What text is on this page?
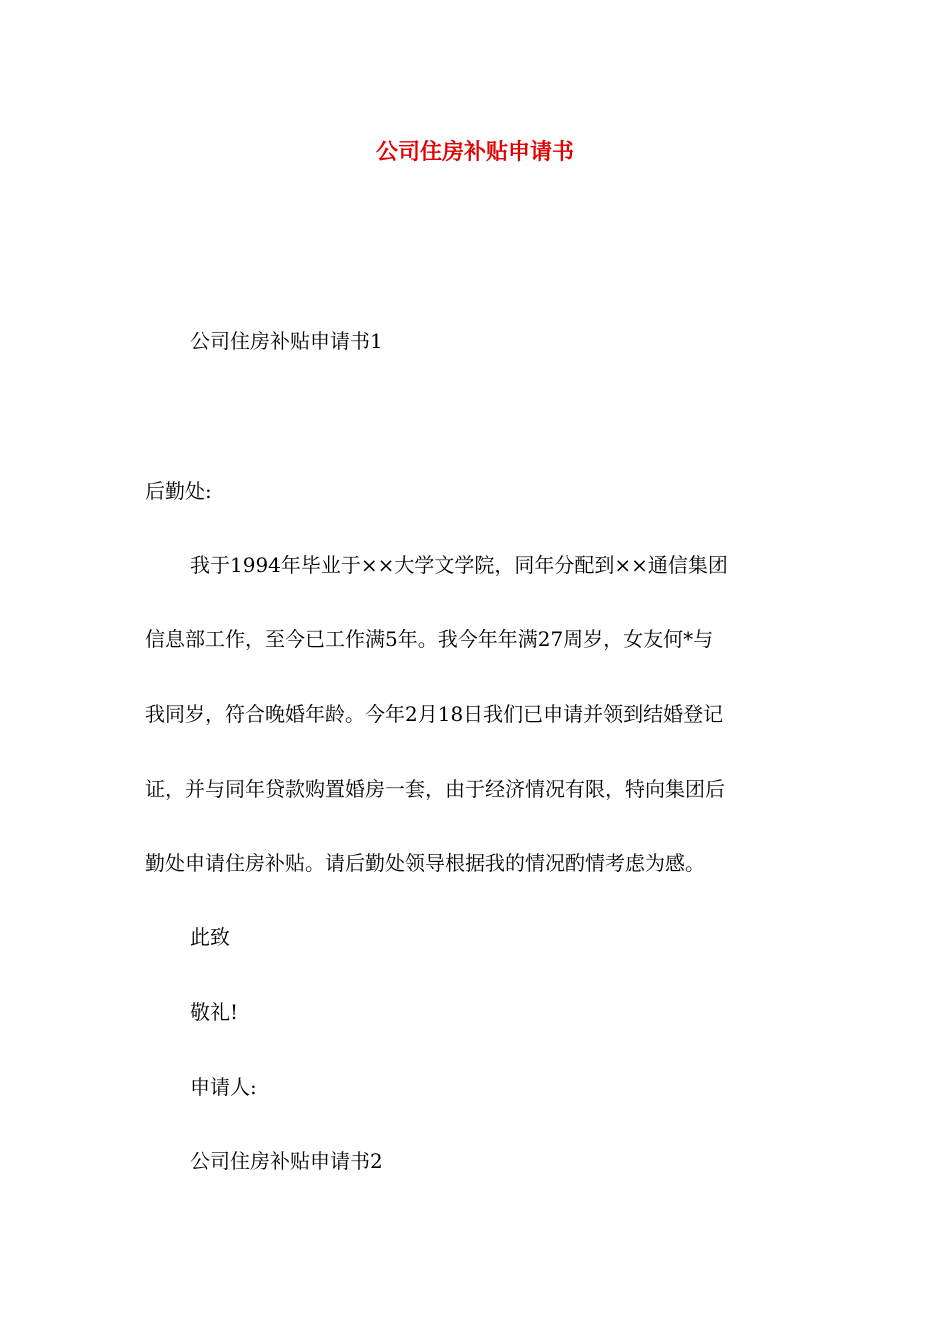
公司住房补贴申请书
公司住房补贴申请书1
后勤处:
我于1994年毕业于××大学文学院，同年分配到××通信集团
信息部工作，至今已工作满5年。我今年年满27周岁，女友何*与
我同岁，符合晚婚年龄。今年2月18日我们已申请并领到结婚登记
证，并与同年贷款购置婚房一套，由于经济情况有限，特向集团后
勤处申请住房补贴。请后勤处领导根据我的情况酌情考虑为感。
此致
敬礼!
申请人:
公司住房补贴申请书2
